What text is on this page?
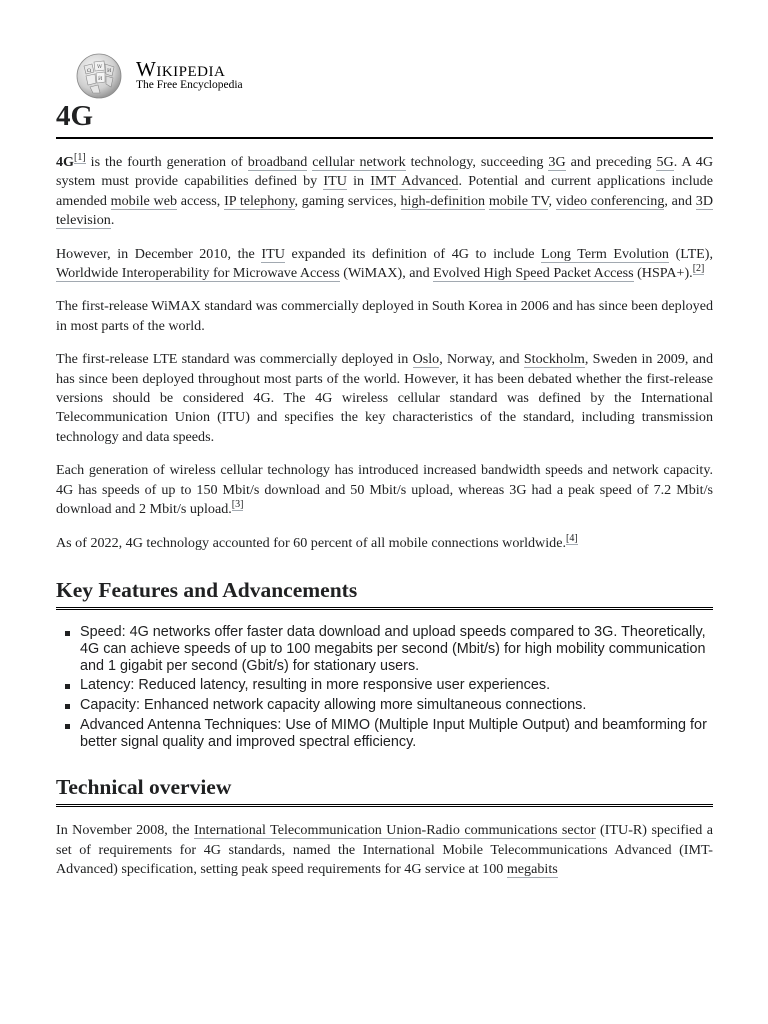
Ω
W
И
Ѝ Wikipedia
The Free Encyclopedia
4G

4G[1] is the fourth generation of broadband cellular network technology, succeeding 3G and preceding 5G. A 4G system must provide capabilities defined by ITU in IMT Advanced. Potential and current applications include amended mobile web access, IP telephony, gaming services, high-definition mobile TV, video conferencing, and 3D television.

However, in December 2010, the ITU expanded its definition of 4G to include Long Term Evolution (LTE), Worldwide Interoperability for Microwave Access (WiMAX), and Evolved High Speed Packet Access (HSPA+).[2]

The first-release WiMAX standard was commercially deployed in South Korea in 2006 and has since been deployed in most parts of the world.

The first-release LTE standard was commercially deployed in Oslo, Norway, and Stockholm, Sweden in 2009, and has since been deployed throughout most parts of the world. However, it has been debated whether the first-release versions should be considered 4G. The 4G wireless cellular standard was defined by the International Telecommunication Union (ITU) and specifies the key characteristics of the standard, including transmission technology and data speeds.

Each generation of wireless cellular technology has introduced increased bandwidth speeds and network capacity. 4G has speeds of up to 150 Mbit/s download and 50 Mbit/s upload, whereas 3G had a peak speed of 7.2 Mbit/s download and 2 Mbit/s upload.[3]

As of 2022, 4G technology accounted for 60 percent of all mobile connections worldwide.[4]

Key Features and Advancements
Speed: 4G networks offer faster data download and upload speeds compared to 3G. Theoretically, 4G can achieve speeds of up to 100 megabits per second (Mbit/s) for high mobility communication and 1 gigabit per second (Gbit/s) for stationary users.
Latency: Reduced latency, resulting in more responsive user experiences.
Capacity: Enhanced network capacity allowing more simultaneous connections.
Advanced Antenna Techniques: Use of MIMO (Multiple Input Multiple Output) and beamforming for better signal quality and improved spectral efficiency.
Technical overview

In November 2008, the International Telecommunication Union-Radio communications sector (ITU-R) specified a set of requirements for 4G standards, named the International Mobile Telecommunications Advanced (IMT-Advanced) specification, setting peak speed requirements for 4G service at 100 megabits
